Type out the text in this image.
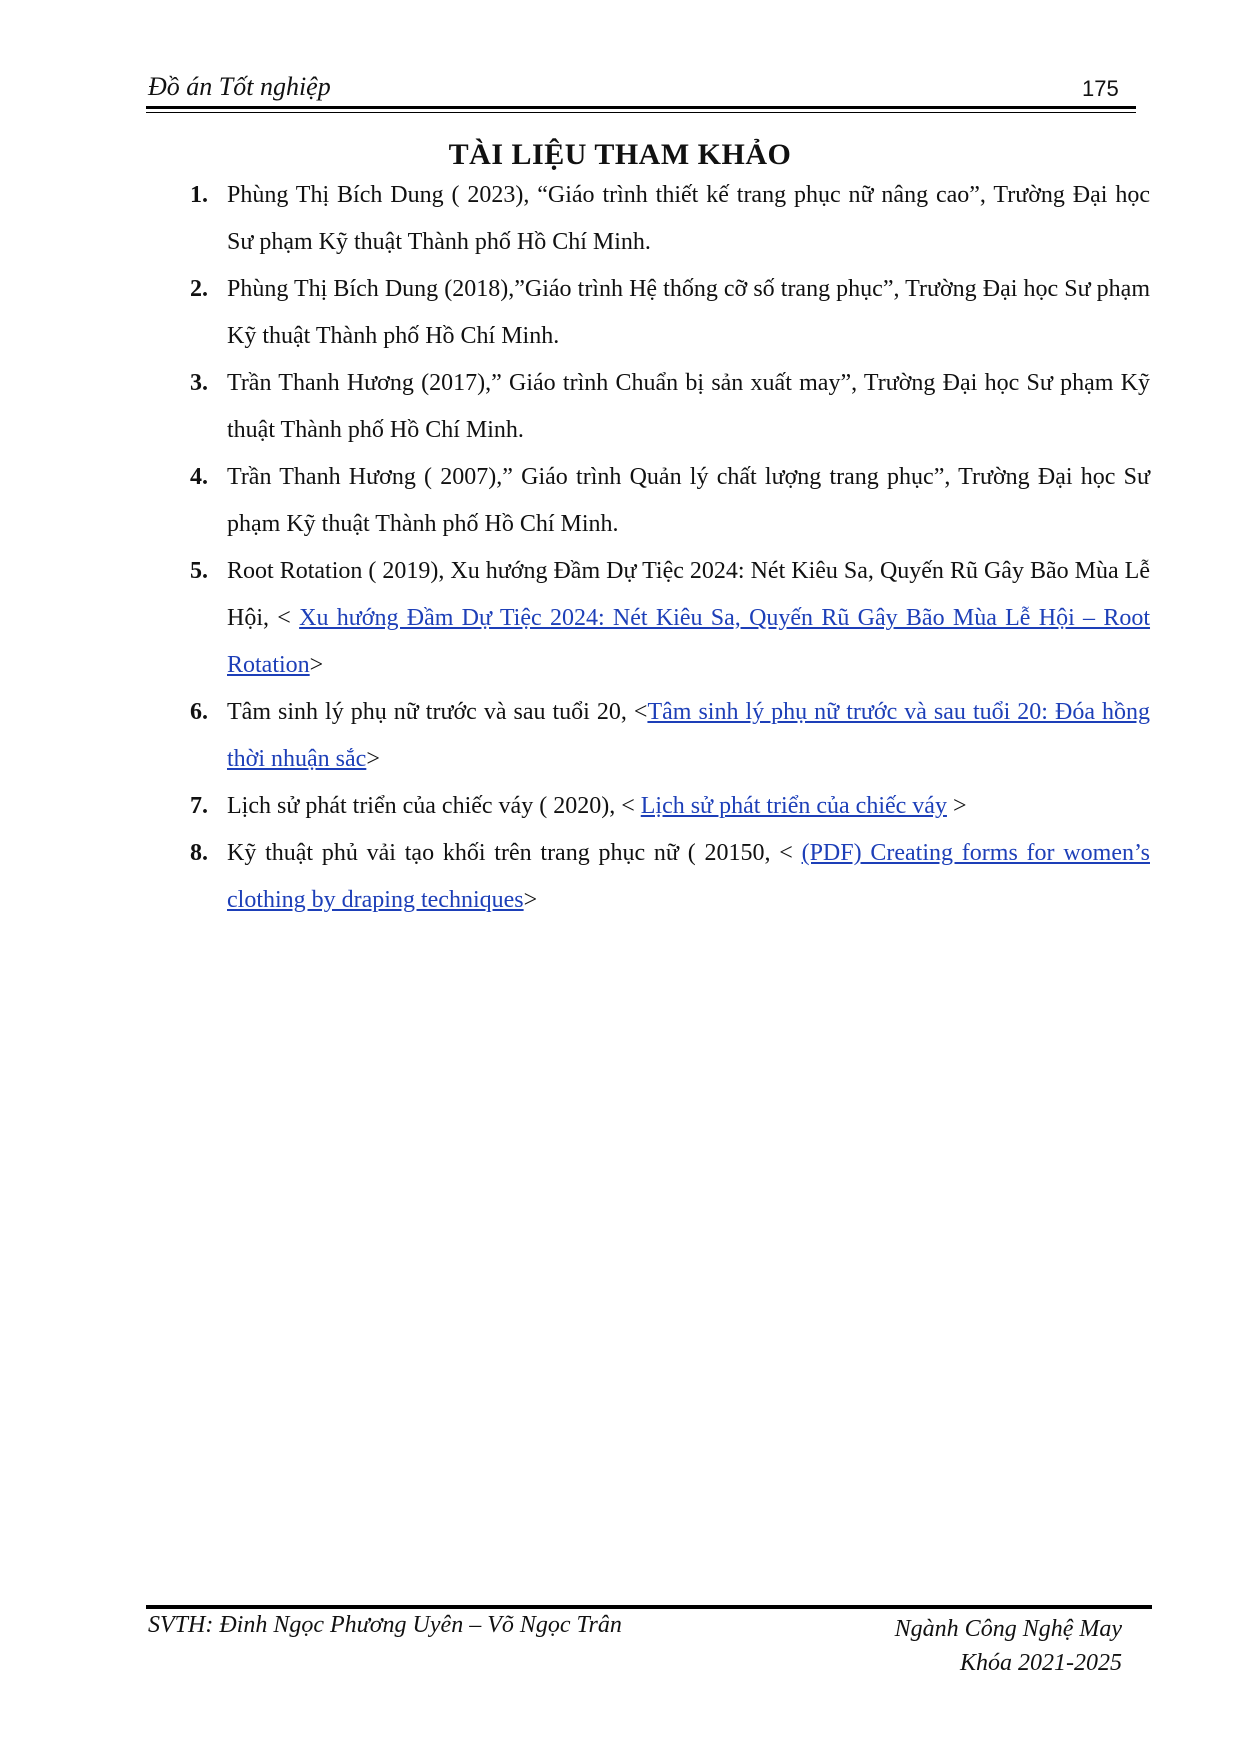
Đồ án Tốt nghiệp	175
TÀI LIỆU THAM KHẢO
1. Phùng Thị Bích Dung ( 2023), “Giáo trình thiết kế trang phục nữ nâng cao”, Trường Đại học Sư phạm Kỹ thuật Thành phố Hồ Chí Minh.
2. Phùng Thị Bích Dung (2018),”Giáo trình Hệ thống cỡ số trang phục”, Trường Đại học Sư phạm Kỹ thuật Thành phố Hồ Chí Minh.
3. Trần Thanh Hương (2017),” Giáo trình Chuẩn bị sản xuất may”, Trường Đại học Sư phạm Kỹ thuật Thành phố Hồ Chí Minh.
4. Trần Thanh Hương ( 2007),” Giáo trình Quản lý chất lượng trang phục”, Trường Đại học Sư phạm Kỹ thuật Thành phố Hồ Chí Minh.
5. Root Rotation ( 2019), Xu hướng Đầm Dự Tiệc 2024: Nét Kiêu Sa, Quyến Rũ Gây Bão Mùa Lễ Hội, < Xu hướng Đầm Dự Tiệc 2024: Nét Kiêu Sa, Quyến Rũ Gây Bão Mùa Lễ Hội – Root Rotation>
6. Tâm sinh lý phụ nữ trước và sau tuổi 20, <Tâm sinh lý phụ nữ trước và sau tuổi 20: Đóa hồng thời nhuận sắc>
7. Lịch sử phát triển của chiếc váy ( 2020), < Lịch sử phát triển của chiếc váy >
8. Kỹ thuật phủ vải tạo khối trên trang phục nữ ( 20150, < (PDF) Creating forms for women’s clothing by draping techniques>
SVTH: Đinh Ngọc Phương Uyên – Võ Ngọc Trân	Ngành Công Nghệ May
Khóa 2021-2025
